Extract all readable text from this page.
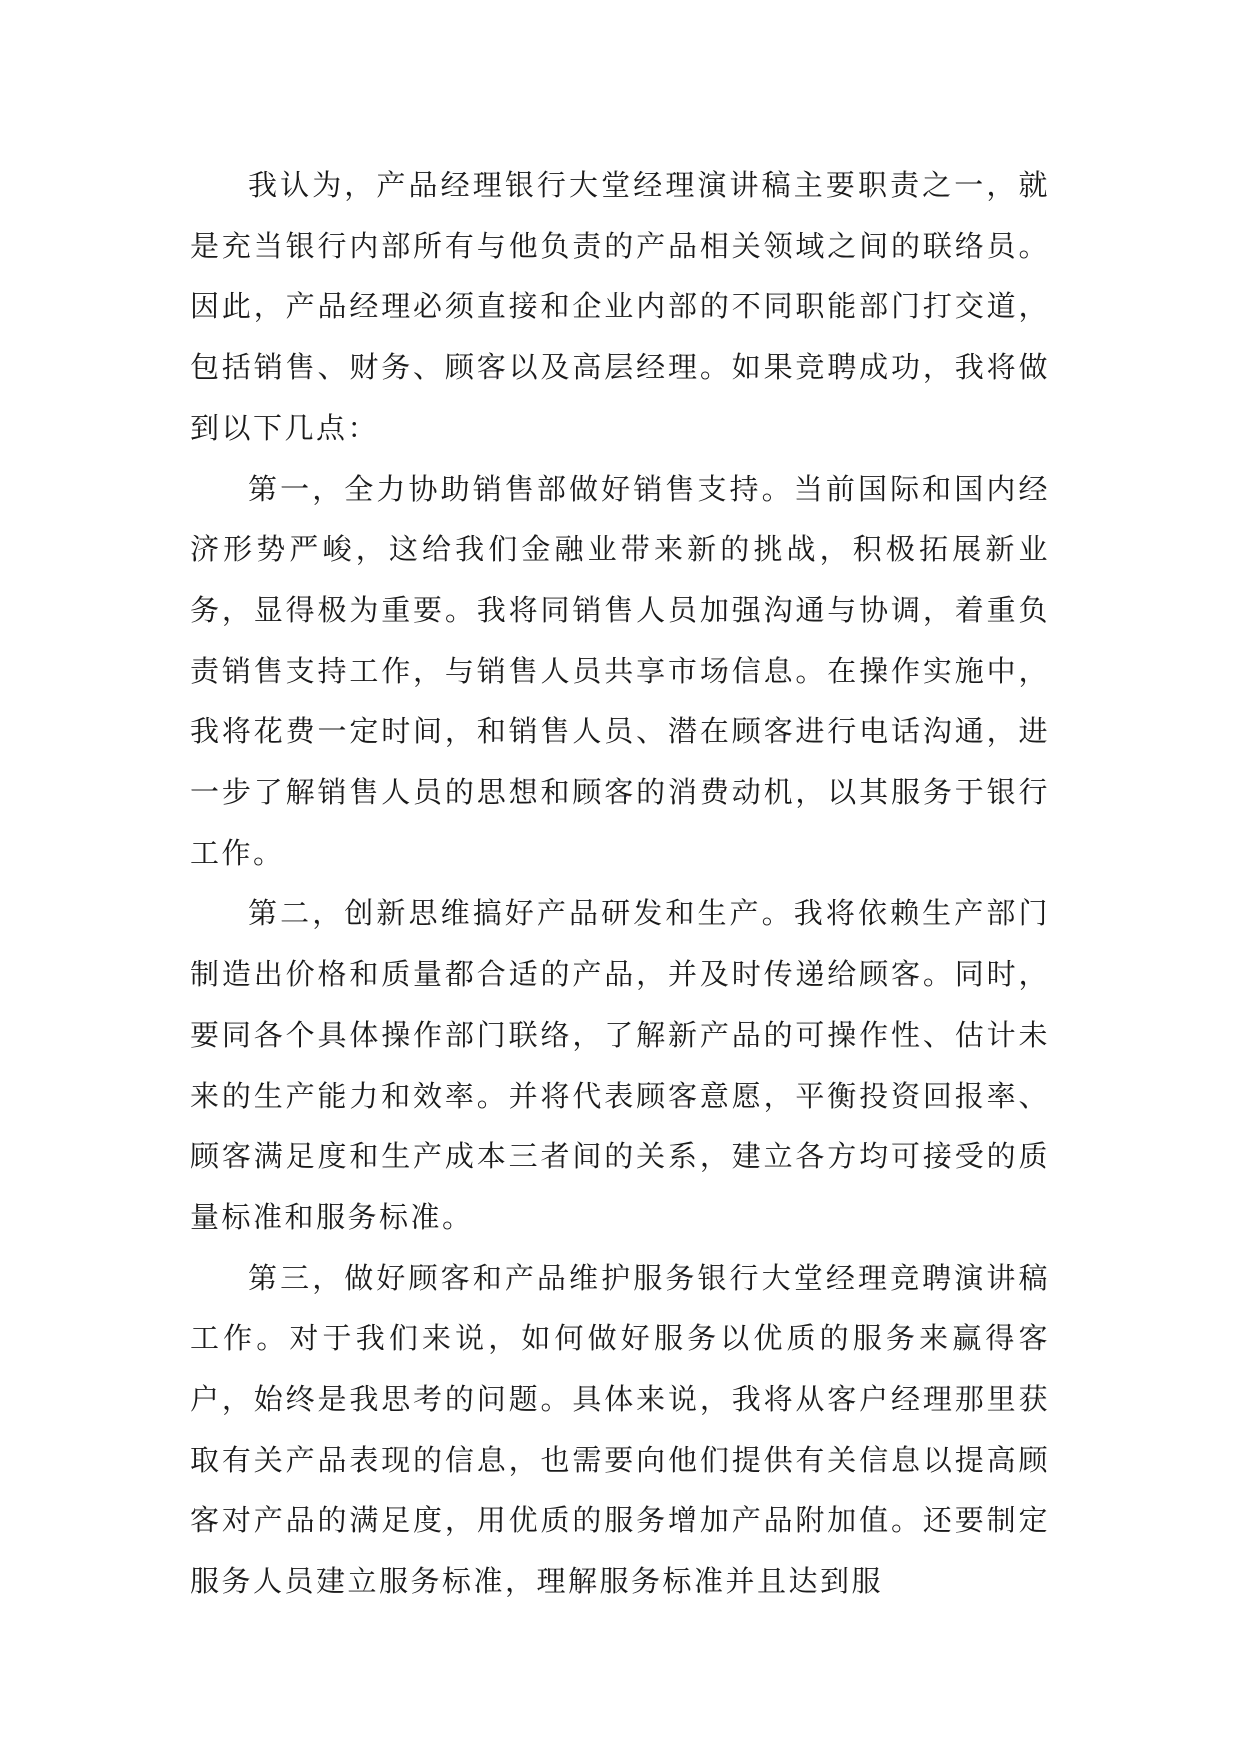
我认为，产品经理银行大堂经理演讲稿主要职责之一，就是充当银行内部所有与他负责的产品相关领域之间的联络员。因此，产品经理必须直接和企业内部的不同职能部门打交道，包括销售、财务、顾客以及高层经理。如果竞聘成功，我将做到以下几点：

第一，全力协助销售部做好销售支持。当前国际和国内经济形势严峻，这给我们金融业带来新的挑战，积极拓展新业务，显得极为重要。我将同销售人员加强沟通与协调，着重负责销售支持工作，与销售人员共享市场信息。在操作实施中，我将花费一定时间，和销售人员、潜在顾客进行电话沟通，进一步了解销售人员的思想和顾客的消费动机，以其服务于银行工作。

第二，创新思维搞好产品研发和生产。我将依赖生产部门制造出价格和质量都合适的产品，并及时传递给顾客。同时，要同各个具体操作部门联络，了解新产品的可操作性、估计未来的生产能力和效率。并将代表顾客意愿，平衡投资回报率、顾客满足度和生产成本三者间的关系，建立各方均可接受的质量标准和服务标准。

第三，做好顾客和产品维护服务银行大堂经理竞聘演讲稿工作。对于我们来说，如何做好服务以优质的服务来赢得客户，始终是我思考的问题。具体来说，我将从客户经理那里获取有关产品表现的信息，也需要向他们提供有关信息以提高顾客对产品的满足度，用优质的服务增加产品附加值。还要制定服务人员建立服务标准，理解服务标准并且达到服
